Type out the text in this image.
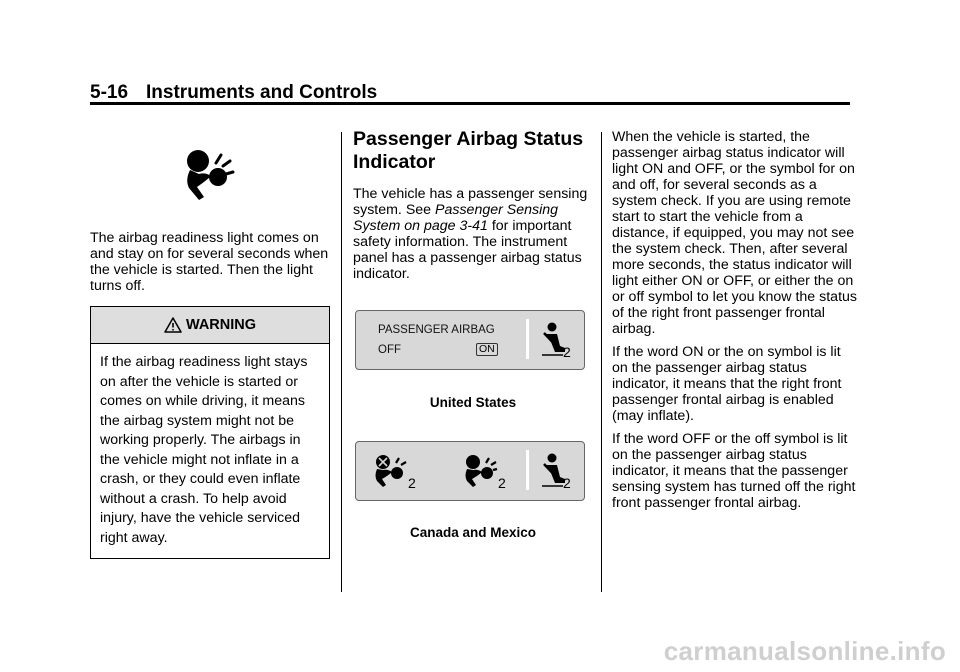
5-16 Instruments and Controls
The airbag readiness light comes on and stay on for several seconds when the vehicle is started. Then the light turns off.
WARNING
If the airbag readiness light stays on after the vehicle is started or comes on while driving, it means the airbag system might not be working properly. The airbags in the vehicle might not inflate in a crash, or they could even inflate without a crash. To help avoid injury, have the vehicle serviced right away.
Passenger Airbag Status Indicator

The vehicle has a passenger sensing system. See Passenger Sensing System on page 3-41 for important safety information. The instrument panel has a passenger airbag status indicator.

PASSENGER AIRBAG
OFF	ON	2
United States
2	2	2
Canada and Mexico

When the vehicle is started, the passenger airbag status indicator will light ON and OFF, or the symbol for on and off, for several seconds as a system check. If you are using remote start to start the vehicle from a distance, if equipped, you may not see the system check. Then, after several more seconds, the status indicator will light either ON or OFF, or either the on or off symbol to let you know the status of the right front passenger frontal airbag.

If the word ON or the on symbol is lit on the passenger airbag status indicator, it means that the right front passenger frontal airbag is enabled (may inflate).

If the word OFF or the off symbol is lit on the passenger airbag status indicator, it means that the passenger sensing system has turned off the right front passenger frontal airbag.

carmanualsonline.info
